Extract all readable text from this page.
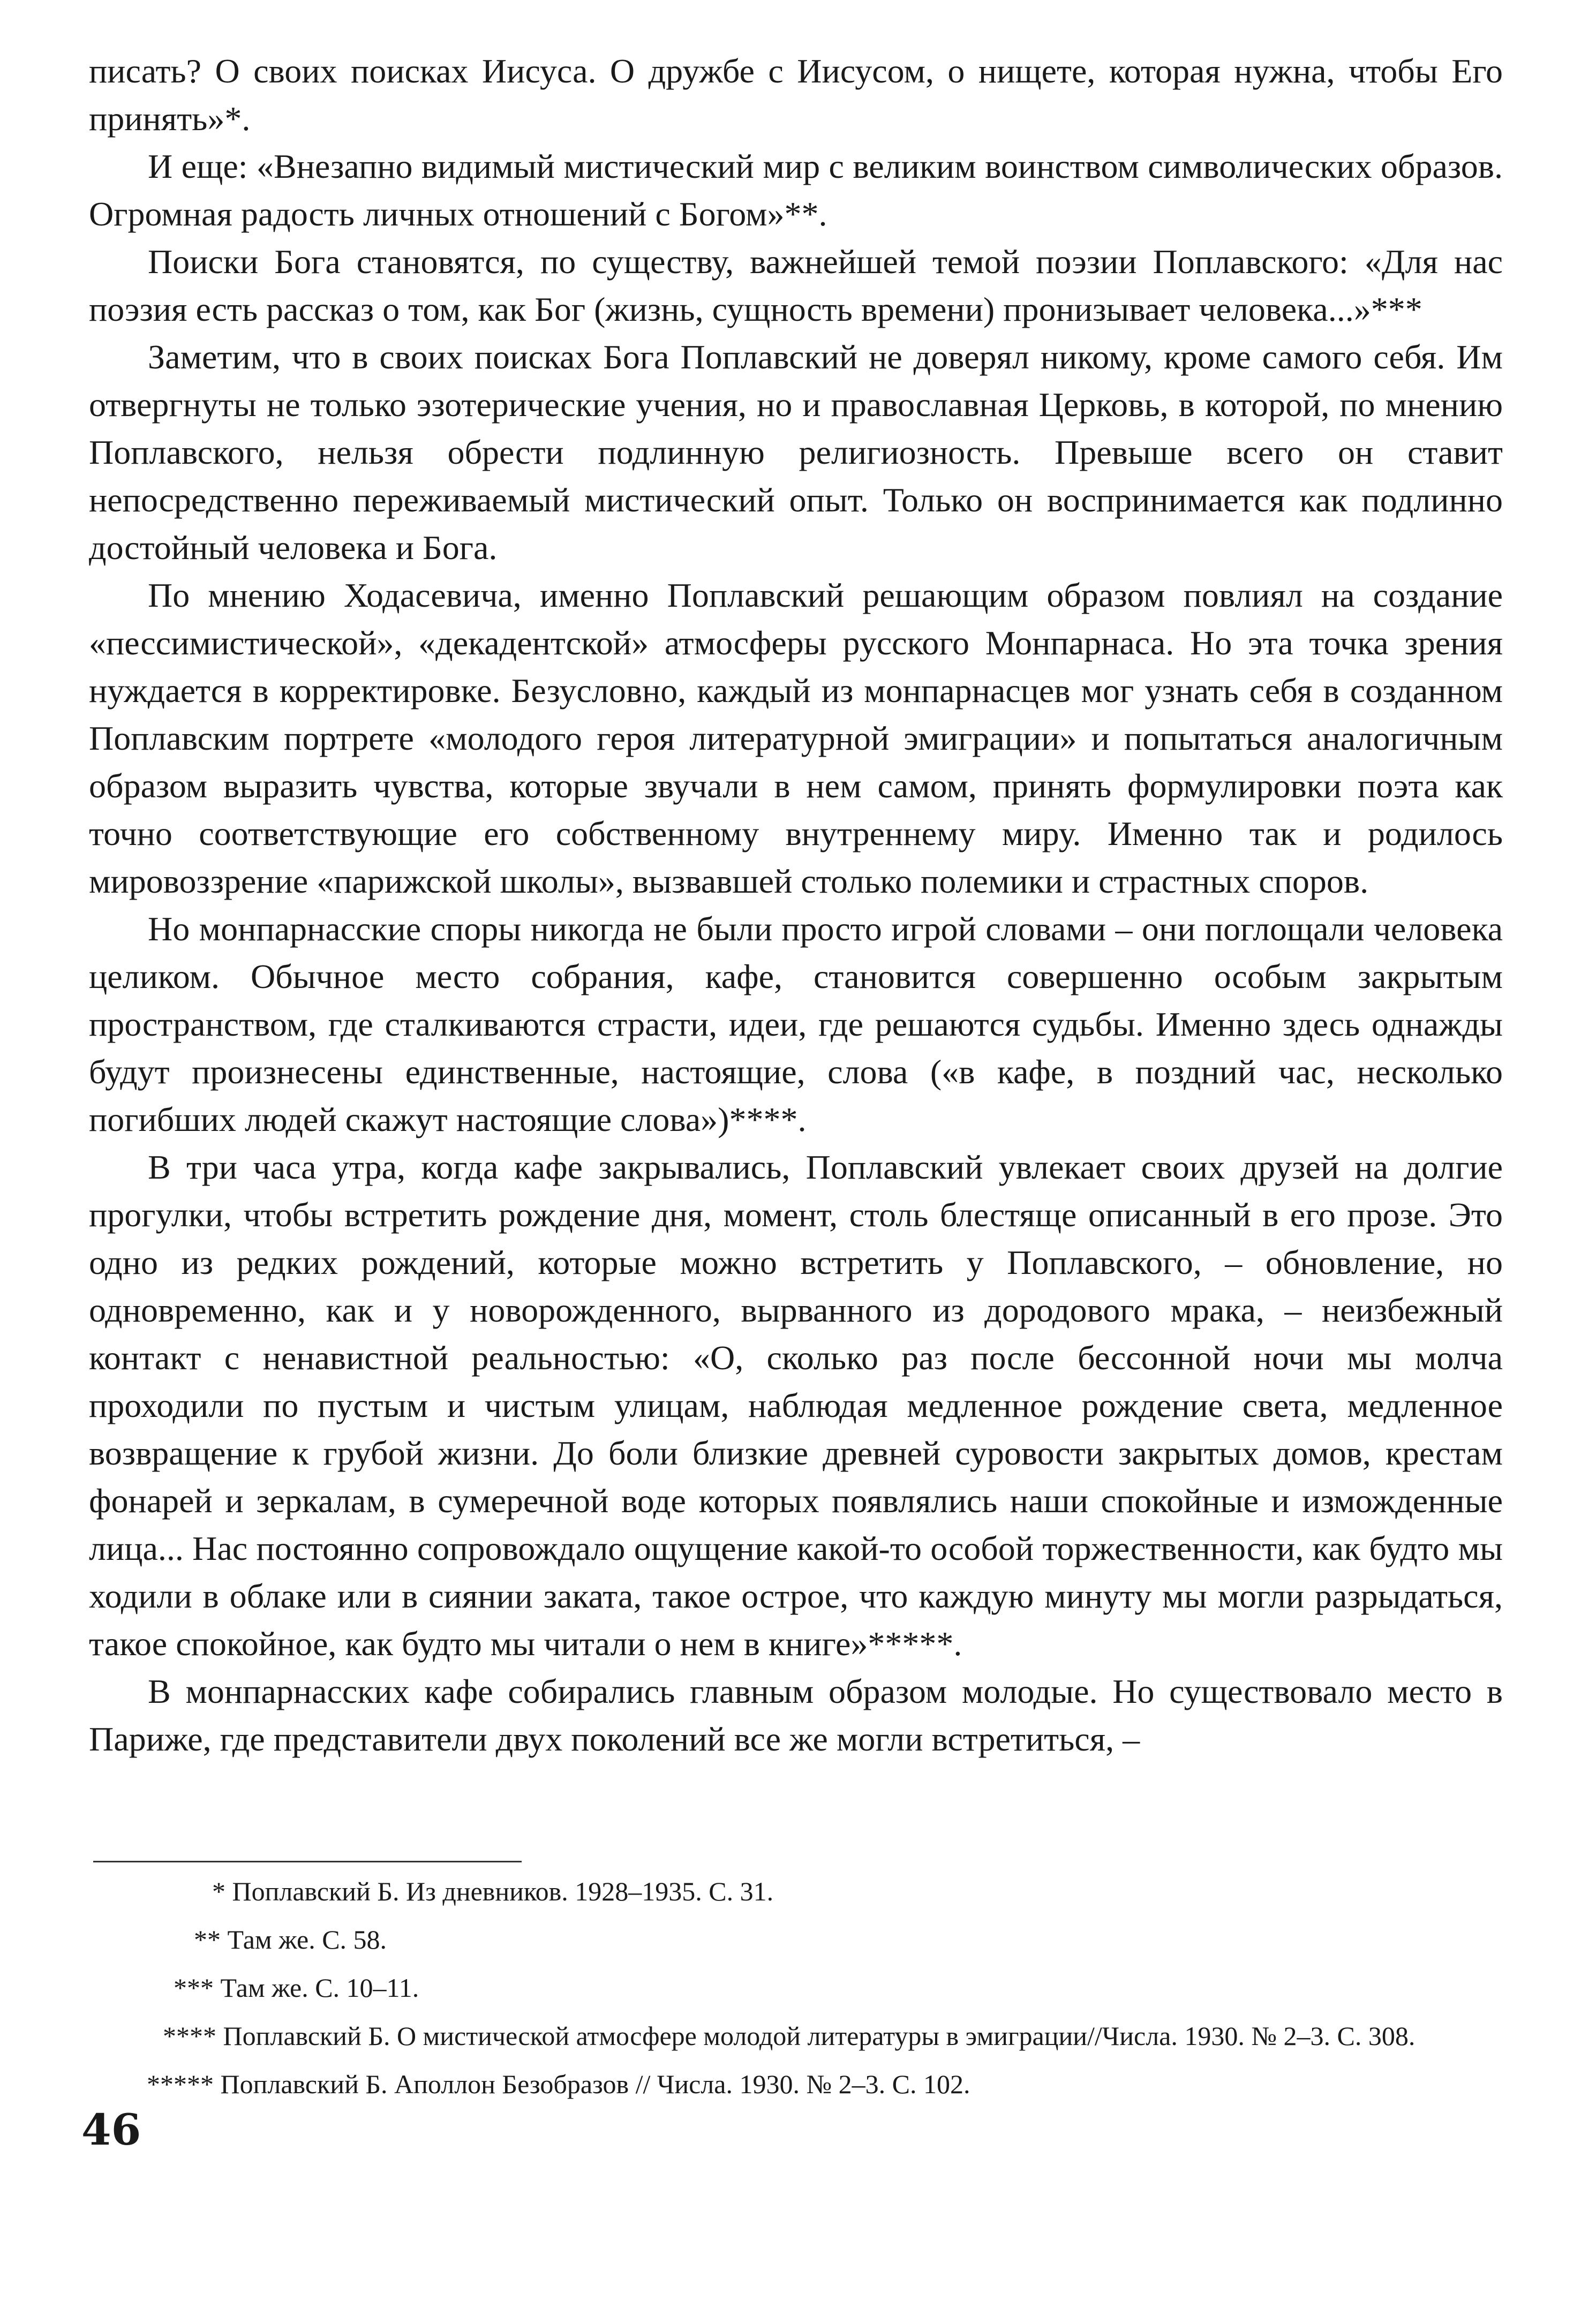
писать? О своих поисках Иисуса. О дружбе с Иисусом, о нищете, которая нужна, чтобы Его принять»*.

И еще: «Внезапно видимый мистический мир с великим воинством символических образов. Огромная радость личных отношений с Богом»**.

Поиски Бога становятся, по существу, важнейшей темой поэзии Поплавского: «Для нас поэзия есть рассказ о том, как Бог (жизнь, сущность времени) пронизывает человека...»***

Заметим, что в своих поисках Бога Поплавский не доверял никому, кроме самого себя. Им отвергнуты не только эзотерические учения, но и православная Церковь, в которой, по мнению Поплавского, нельзя обрести подлинную религиозность. Превыше всего он ставит непосредственно переживаемый мистический опыт. Только он воспринимается как подлинно достойный человека и Бога.

По мнению Ходасевича, именно Поплавский решающим образом повлиял на создание «пессимистической», «декадентской» атмосферы русского Монпарнаса. Но эта точка зрения нуждается в корректировке. Безусловно, каждый из монпарнасцев мог узнать себя в созданном Поплавским портрете «молодого героя литературной эмиграции» и попытаться аналогичным образом выразить чувства, которые звучали в нем самом, принять формулировки поэта как точно соответствующие его собственному внутреннему миру. Именно так и родилось мировоззрение «парижской школы», вызвавшей столько полемики и страстных споров.

Но монпарнасские споры никогда не были просто игрой словами – они поглощали человека целиком. Обычное место собрания, кафе, становится совершенно особым закрытым пространством, где сталкиваются страсти, идеи, где решаются судьбы. Именно здесь однажды будут произнесены единственные, настоящие, слова («в кафе, в поздний час, несколько погибших людей скажут настоящие слова»)****.

В три часа утра, когда кафе закрывались, Поплавский увлекает своих друзей на долгие прогулки, чтобы встретить рождение дня, момент, столь блестяще описанный в его прозе. Это одно из редких рождений, которые можно встретить у Поплавского, – обновление, но одновременно, как и у новорожденного, вырванного из дородового мрака, – неизбежный контакт с ненавистной реальностью: «О, сколько раз после бессонной ночи мы молча проходили по пустым и чистым улицам, наблюдая медленное рождение света, медленное возвращение к грубой жизни. До боли близкие древней суровости закрытых домов, крестам фонарей и зеркалам, в сумеречной воде которых появлялись наши спокойные и изможденные лица... Нас постоянно сопровождало ощущение какой-то особой торжественности, как будто мы ходили в облаке или в сиянии заката, такое острое, что каждую минуту мы могли разрыдаться, такое спокойное, как будто мы читали о нем в книге»*****.

В монпарнасских кафе собирались главным образом молодые. Но существовало место в Париже, где представители двух поколений все же могли встретиться, –

* Поплавский Б. Из дневников. 1928–1935. С. 31.

** Там же. С. 58.

*** Там же. С. 10–11.

**** Поплавский Б. О мистической атмосфере молодой литературы в эмиграции//Числа. 1930. № 2–3. С. 308.

***** Поплавский Б. Аполлон Безобразов // Числа. 1930. № 2–3. С. 102.

46
